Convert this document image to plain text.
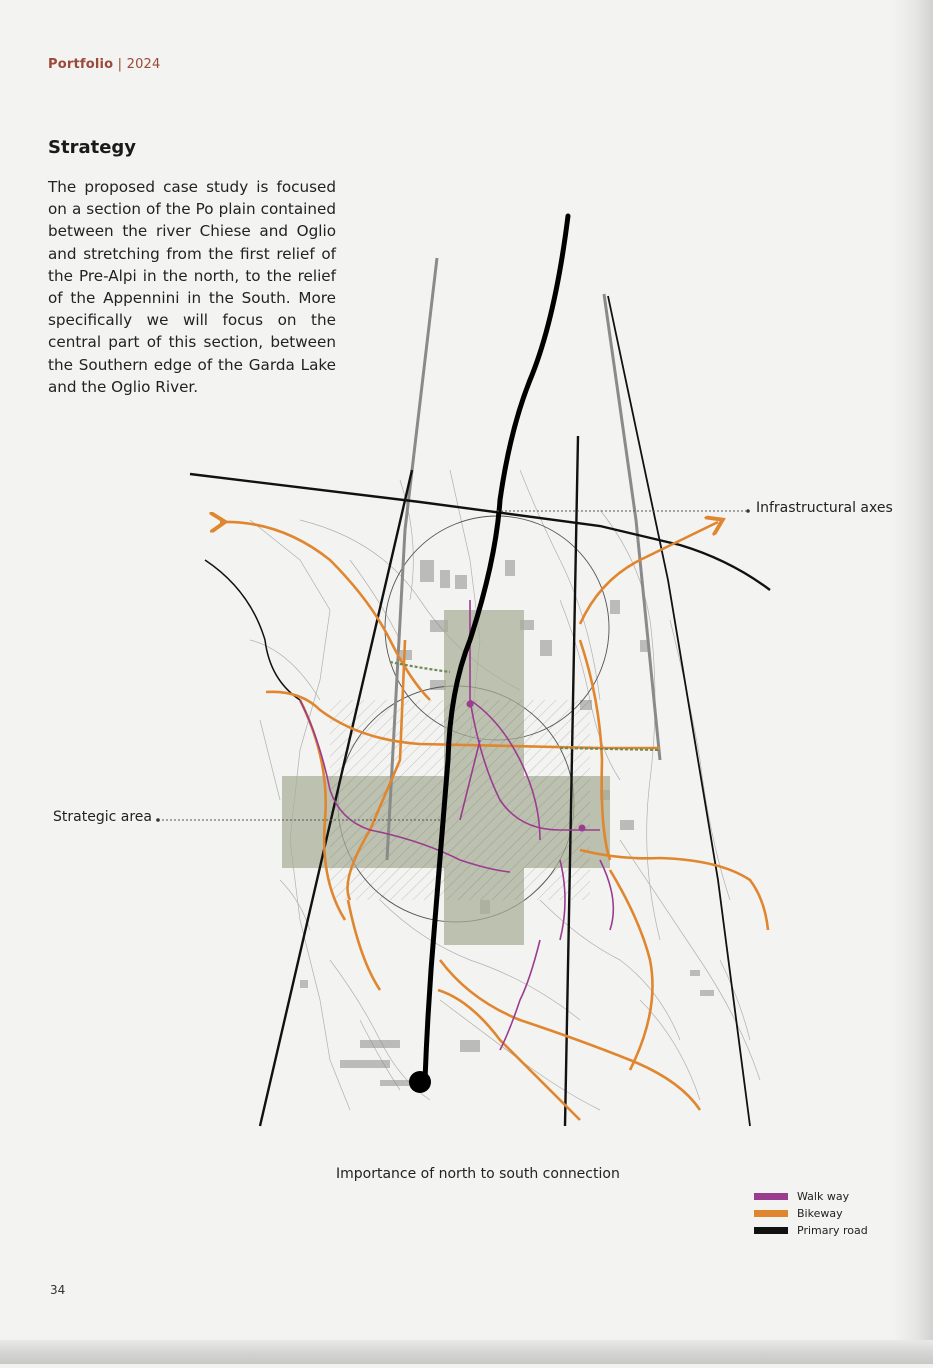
Portfolio | 2024
Strategy
The proposed case study is focused on a section of the Po plain contained between the river Chiese and Oglio and stretching from the first relief of the Pre-Alpi in the north, to the relief of the Appennini in the South. More specifically we will focus on the central part of this section, between the Southern edge of the Garda Lake and the Oglio River.
Infrastructural axes
Strategic area
Importance of north to south connection
Walk way
Bikeway
Primary road
34
